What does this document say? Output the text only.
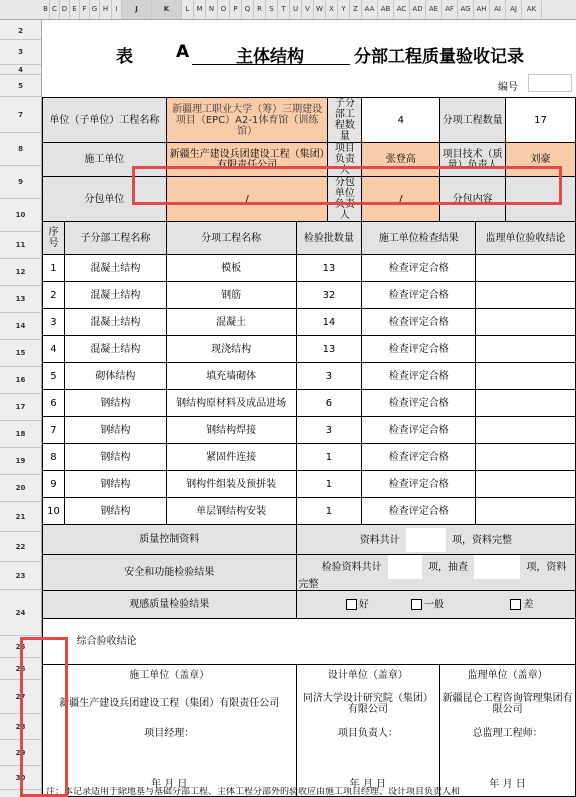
B C D E F G H	I	J	K	L	M N O	P	Q R	S	T	U	V W X	Y	Z AA AB AC AD AE AF AG AH	AI	AJ	AK
2
3
4
5
7
8
9
10
11
12
13
14
15
16
17
18
19
20
21
22
23
24
25
26
27
28
29
30
表	A	主体结构	分部工程质量验收记录
编号
单位（子单位）工程名称		新疆理工职业大学（筹）三期建设项目（EPC）A2-1体育馆（训练馆）		子分部工程数量	4	分项工程数量		17
施工单位		新疆生产建设兵团建设工程（集团）有限责任公司		项目负责人	张登高	项目技术（质量）负责人		刘豪
分包单位		/		分包单位负责人	/	分包内容		
序号	子分部工程名称	分项工程名称	检验批数量		施工单位检查结果		监理单位验收结论	
1	混凝土结构	模板	13		检查评定合格			
2	混凝土结构	钢筋	32		检查评定合格			
3	混凝土结构	混凝土	14		检查评定合格			
4	混凝土结构	现浇结构	13		检查评定合格			
5	砌体结构	填充墙砌体	3		检查评定合格			
6	钢结构	钢结构原材料及成品进场	6		检查评定合格			
7	钢结构	钢结构焊接	3		检查评定合格			
8	钢结构	紧固件连接	1		检查评定合格			
9	钢结构	钢构件组装及预拼装	1		检查评定合格			
10	钢结构	单层钢结构安装	1		检查评定合格			
质量控制资料			资料共计 项，资料完整					
安全和功能检验结果			检验资料共计 项，抽查 项，资料完整					
观感质量检验结果			好 一般 差					
综合验收结论								
施工单位（盖章）			设计单位（盖章）			监理单位（盖章）		
新疆生产建设兵团建设工程（集团）有限责任公司			同济大学设计研究院（集团）有限公司			新疆昆仑工程咨询管理集团有限公司		
项目经理：			项目负责人：			总监理工程师：		

年 月 日			年 月 日			年 月 日		
注：本记录适用于除地基与基础分部工程、主体工程分部外的验收应由施工项目经理、设计项目负责人和
